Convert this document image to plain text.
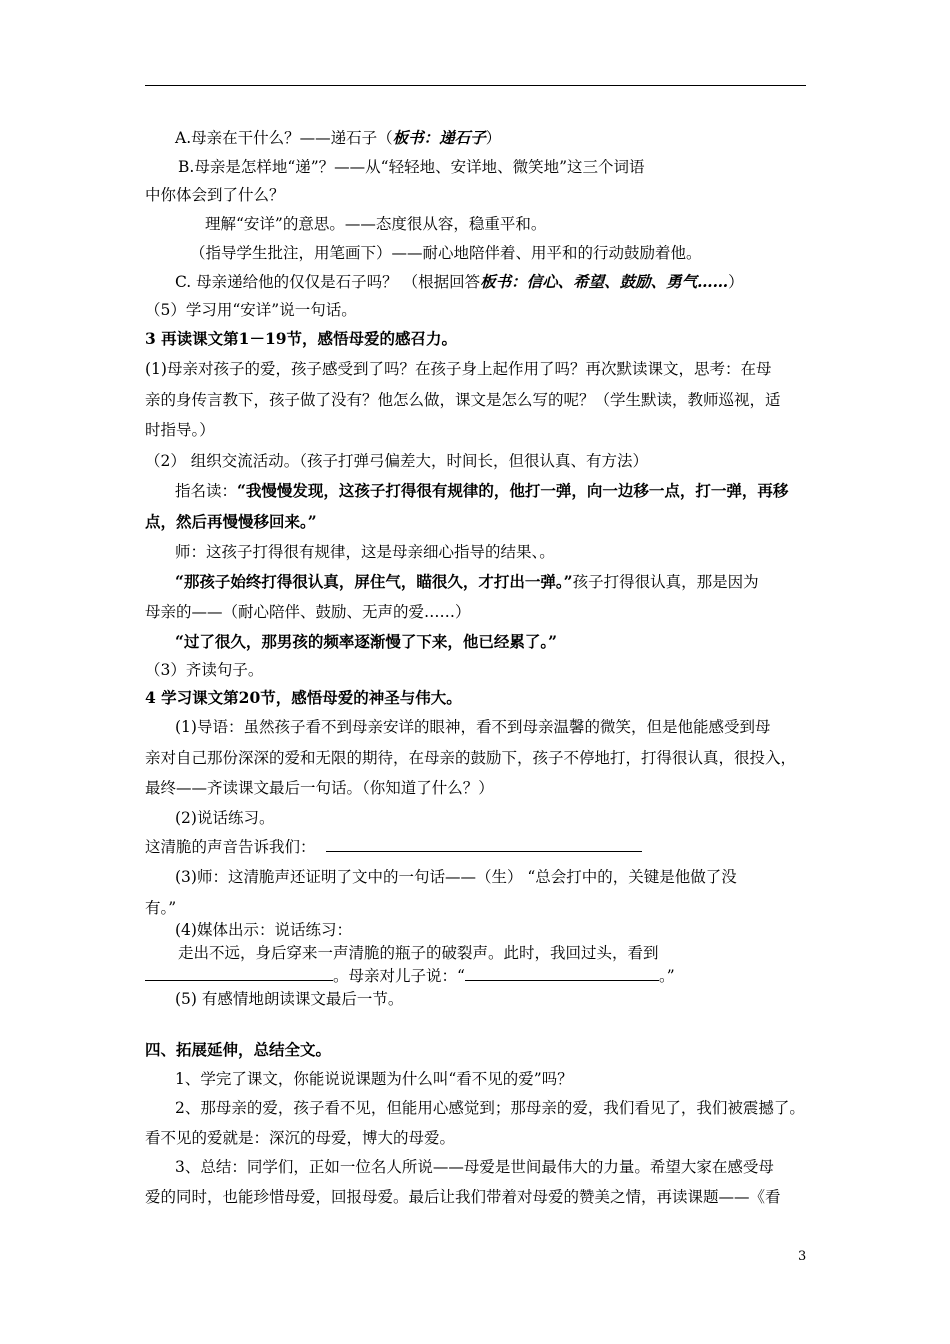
A.母亲在干什么？——递石子（板书：递石子）
B.母亲是怎样地“递”？——从“轻轻地、安详地、微笑地”这三个词语
中你体会到了什么？
理解“安详”的意思。——态度很从容，稳重平和。
（指导学生批注，用笔画下）——耐心地陪伴着、用平和的行动鼓励着他。
C. 母亲递给他的仅仅是石子吗？ （根据回答板书：信心、希望、鼓励、勇气……）
（5）学习用“安详”说一句话。
3 再读课文第1－19节，感悟母爱的感召力。
(1)母亲对孩子的爱，孩子感受到了吗？在孩子身上起作用了吗？再次默读课文，思考：在母
亲的身传言教下，孩子做了没有？他怎么做，课文是怎么写的呢？（学生默读，教师巡视，适
时指导。）
（2） 组织交流活动。（孩子打弹弓偏差大，时间长，但很认真、有方法）
指名读：“我慢慢发现，这孩子打得很有规律的，他打一弹，向一边移一点，打一弹，再移
点，然后再慢慢移回来。”
师：这孩子打得很有规律，这是母亲细心指导的结果、。
“那孩子始终打得很认真，屏住气，瞄很久，才打出一弹。”孩子打得很认真，那是因为
母亲的——（耐心陪伴、鼓励、无声的爱……）
“过了很久，那男孩的频率逐渐慢了下来，他已经累了。”
（3）齐读句子。
4 学习课文第20节，感悟母爱的神圣与伟大。
(1)导语：虽然孩子看不到母亲安详的眼神，看不到母亲温馨的微笑，但是他能感受到母
亲对自己那份深深的爱和无限的期待，在母亲的鼓励下，孩子不停地打，打得很认真，很投入，
最终——齐读课文最后一句话。（你知道了什么？）
(2)说话练习。
这清脆的声音告诉我们：
(3)师：这清脆声还证明了文中的一句话——（生） “总会打中的，关键是他做了没
有。”
(4)媒体出示：说话练习：
走出不远，身后穿来一声清脆的瓶子的破裂声。此时，我回过头，看到
。母亲对儿子说：“	。”
(5) 有感情地朗读课文最后一节。
四、拓展延伸，总结全文。
1、学完了课文，你能说说课题为什么叫“看不见的爱”吗？
2、那母亲的爱，孩子看不见，但能用心感觉到；那母亲的爱，我们看见了，我们被震撼了。
看不见的爱就是：深沉的母爱，博大的母爱。
3、总结：同学们，正如一位名人所说——母爱是世间最伟大的力量。希望大家在感受母
爱的同时，也能珍惜母爱，回报母爱。最后让我们带着对母爱的赞美之情，再读课题——《看
3
